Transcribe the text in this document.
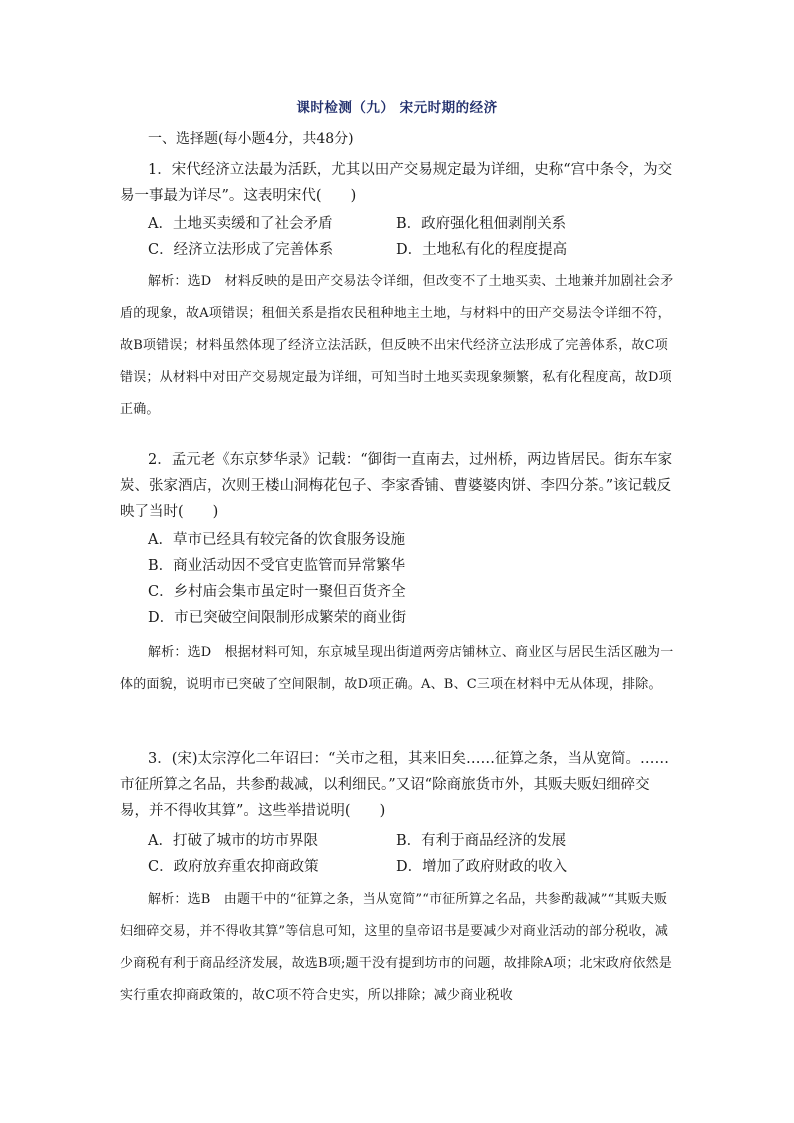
课时检测（九） 宋元时期的经济
一、选择题(每小题4分，共48分)
1．宋代经济立法最为活跃，尤其以田产交易规定最为详细，史称“宫中条令，为交易一事最为详尽”。这表明宋代(　　)
A．土地买卖缓和了社会矛盾	B．政府强化租佃剥削关系
C．经济立法形成了完善体系	D．土地私有化的程度提高
解析：选D　材料反映的是田产交易法令详细，但改变不了土地买卖、土地兼并加剧社会矛盾的现象，故A项错误；租佃关系是指农民租种地主土地，与材料中的田产交易法令详细不符，故B项错误；材料虽然体现了经济立法活跃，但反映不出宋代经济立法形成了完善体系，故C项错误；从材料中对田产交易规定最为详细，可知当时土地买卖现象频繁，私有化程度高，故D项正确。
2．孟元老《东京梦华录》记载：“御街一直南去，过州桥，两边皆居民。街东车家炭、张家酒店，次则王楼山洞梅花包子、李家香铺、曹婆婆肉饼、李四分茶。”该记载反映了当时(　　)
A．草市已经具有较完备的饮食服务设施
B．商业活动因不受官吏监管而异常繁华
C．乡村庙会集市虽定时一聚但百货齐全
D．市已突破空间限制形成繁荣的商业街
解析：选D　根据材料可知，东京城呈现出街道两旁店铺林立、商业区与居民生活区融为一体的面貌，说明市已突破了空间限制，故D项正确。A、B、C三项在材料中无从体现，排除。
3．(宋)太宗淳化二年诏曰：“关市之租，其来旧矣……征算之条，当从宽简。……市征所算之名品，共参酌裁减，以利细民。”又诏“除商旅货市外，其贩夫贩妇细碎交易，并不得收其算”。这些举措说明(　　)
A．打破了城市的坊市界限	B．有利于商品经济的发展
C．政府放弃重农抑商政策	D．增加了政府财政的收入
解析：选B　由题干中的“征算之条，当从宽简”“市征所算之名品，共参酌裁减”“其贩夫贩妇细碎交易，并不得收其算”等信息可知，这里的皇帝诏书是要减少对商业活动的部分税收，减少商税有利于商品经济发展，故选B项;题干没有提到坊市的问题，故排除A项；北宋政府依然是实行重农抑商政策的，故C项不符合史实，所以排除；减少商业税收
